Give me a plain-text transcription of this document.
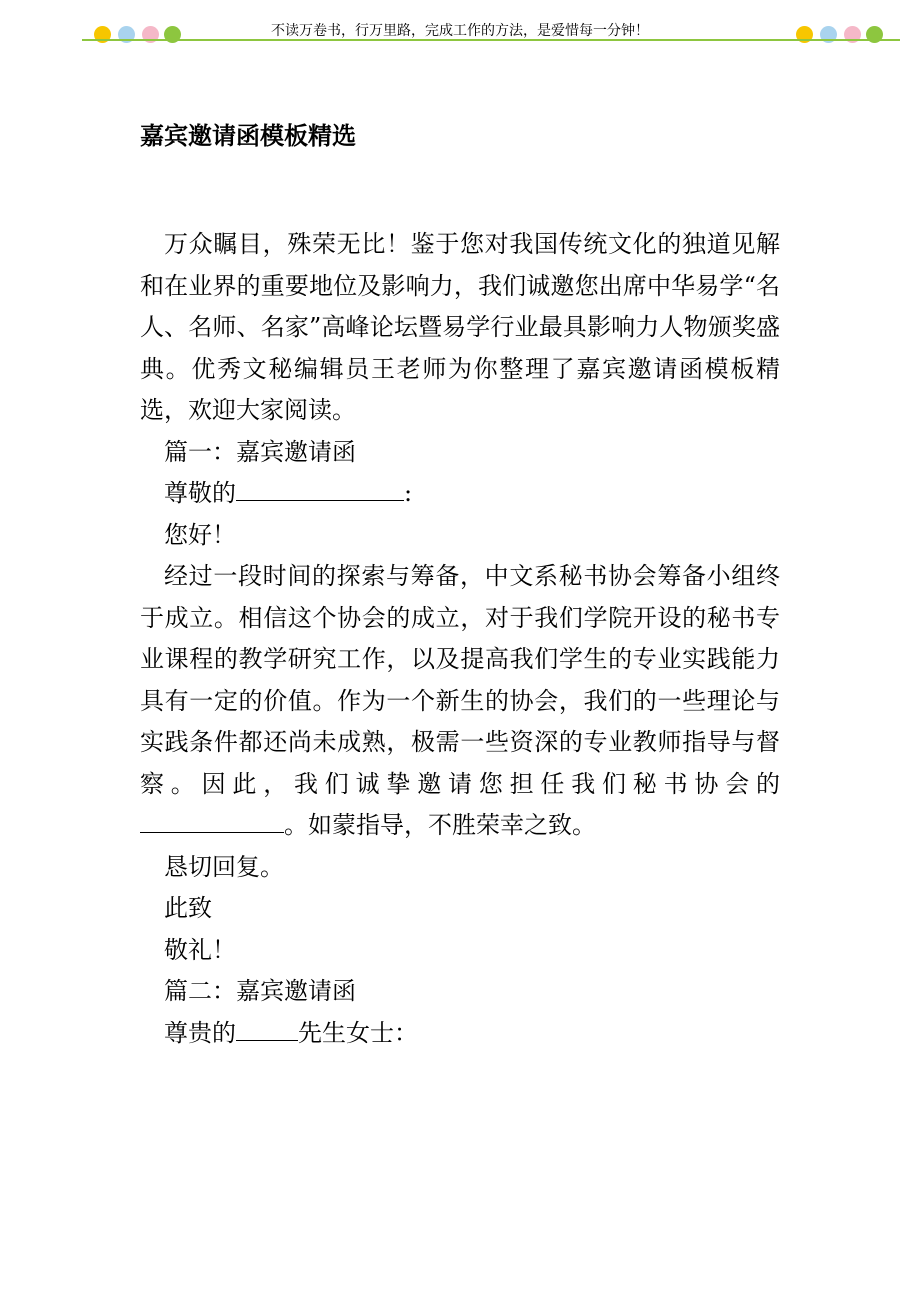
不读万卷书，行万里路，完成工作的方法，是爱惜每一分钟！
嘉宾邀请函模板精选

万众瞩目，殊荣无比！鉴于您对我国传统文化的独道见解和在业界的重要地位及影响力，我们诚邀您出席中华易学“名人、名师、名家”高峰论坛暨易学行业最具影响力人物颁奖盛典。优秀文秘编辑员王老师为你整理了嘉宾邀请函模板精选，欢迎大家阅读。

篇一：嘉宾邀请函

尊敬的	:

您好！

经过一段时间的探索与筹备，中文系秘书协会筹备小组终于成立。相信这个协会的成立，对于我们学院开设的秘书专业课程的教学研究工作，以及提高我们学生的专业实践能力具有一定的价值。作为一个新生的协会，我们的一些理论与实践条件都还尚未成熟，极需一些资深的专业教师指导与督察。因此，我们诚挚邀请您担任我们秘书协会的。如蒙指导，不胜荣幸之致。

恳切回复。

此致

敬礼！

篇二：嘉宾邀请函

尊贵的	先生女士：
